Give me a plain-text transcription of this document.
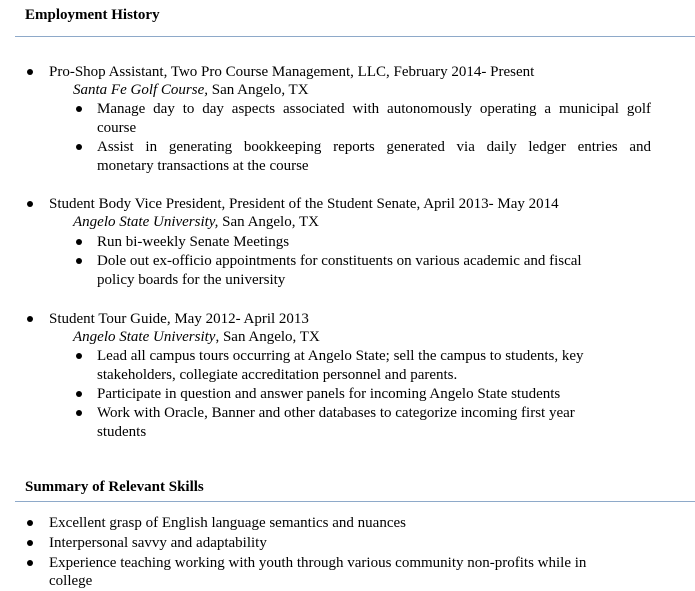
Employment History
Pro-Shop Assistant, Two Pro Course Management, LLC, February 2014- Present
Santa Fe Golf Course, San Angelo, TX
Manage day to day aspects associated with autonomously operating a municipal golf
course
Assist in generating bookkeeping reports generated via daily ledger entries and
monetary transactions at the course
Student Body Vice President, President of the Student Senate, April 2013- May 2014
Angelo State University, San Angelo, TX
Run bi-weekly Senate Meetings
Dole out ex-officio appointments for constituents on various academic and fiscal
policy boards for the university
Student Tour Guide, May 2012- April 2013
Angelo State University, San Angelo, TX
Lead all campus tours occurring at Angelo State; sell the campus to students, key
stakeholders, collegiate accreditation personnel and parents.
Participate in question and answer panels for incoming Angelo State students
Work with Oracle, Banner and other databases to categorize incoming first year
students
Summary of Relevant Skills
Excellent grasp of English language semantics and nuances
Interpersonal savvy and adaptability
Experience teaching working with youth through various community non-profits while in
college
